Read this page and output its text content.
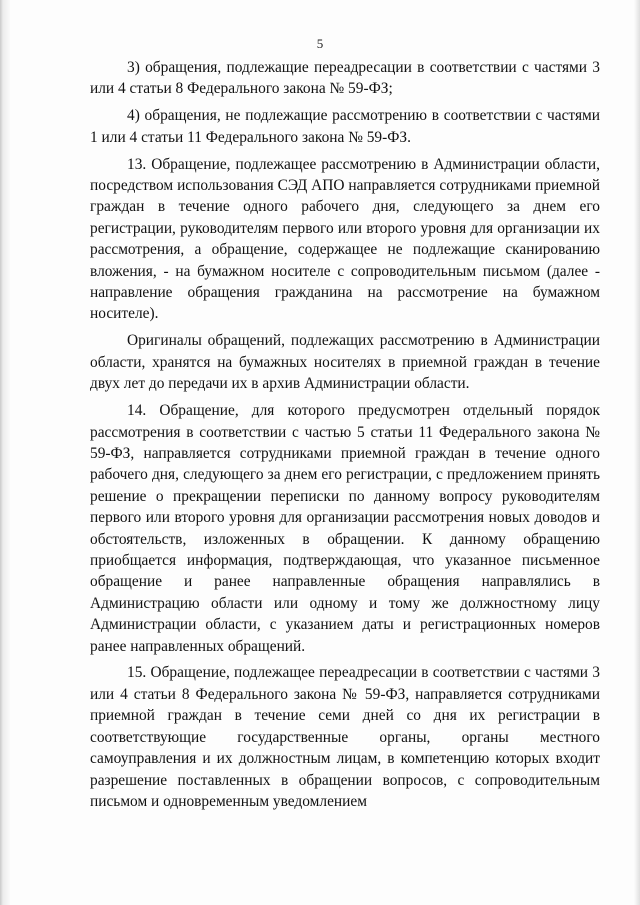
5

3) обращения, подлежащие переадресации в соответствии с частями 3 или 4 статьи 8 Федерального закона № 59-ФЗ;

4) обращения, не подлежащие рассмотрению в соответствии с частями 1 или 4 статьи 11 Федерального закона № 59-ФЗ.

13. Обращение, подлежащее рассмотрению в Администрации области, посредством использования СЭД АПО направляется сотрудниками приемной граждан в течение одного рабочего дня, следующего за днем его регистрации, руководителям первого или второго уровня для организации их рассмотрения, а обращение, содержащее не подлежащие сканированию вложения, - на бумажном носителе с сопроводительным письмом (далее - направление обращения гражданина на рассмотрение на бумажном носителе).

Оригиналы обращений, подлежащих рассмотрению в Администрации области, хранятся на бумажных носителях в приемной граждан в течение двух лет до передачи их в архив Администрации области.

14. Обращение, для которого предусмотрен отдельный порядок рассмотрения в соответствии с частью 5 статьи 11 Федерального закона № 59-ФЗ, направляется сотрудниками приемной граждан в течение одного рабочего дня, следующего за днем его регистрации, с предложением принять решение о прекращении переписки по данному вопросу руководителям первого или второго уровня для организации рассмотрения новых доводов и обстоятельств, изложенных в обращении. К данному обращению приобщается информация, подтверждающая, что указанное письменное обращение и ранее направленные обращения направлялись в Администрацию области или одному и тому же должностному лицу Администрации области, с указанием даты и регистрационных номеров ранее направленных обращений.

15. Обращение, подлежащее переадресации в соответствии с частями 3 или 4 статьи 8 Федерального закона № 59-ФЗ, направляется сотрудниками приемной граждан в течение семи дней со дня их регистрации в соответствующие государственные органы, органы местного самоуправления и их должностным лицам, в компетенцию которых входит разрешение поставленных в обращении вопросов, с сопроводительным письмом и одновременным уведомлением
